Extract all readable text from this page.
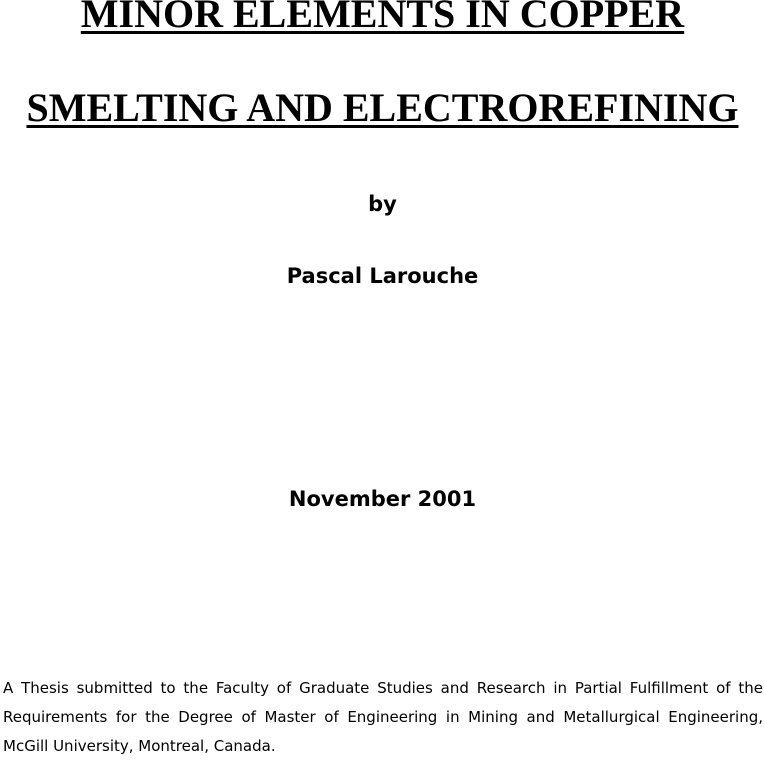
MINOR ELEMENTS IN COPPER
SMELTING AND ELECTROREFINING
by
Pascal Larouche
November 2001
A Thesis submitted to the Faculty of Graduate Studies and Research in Partial Fulfillment of the
Requirements for the Degree of Master of Engineering in Mining and Metallurgical Engineering,
McGill University, Montreal, Canada.
